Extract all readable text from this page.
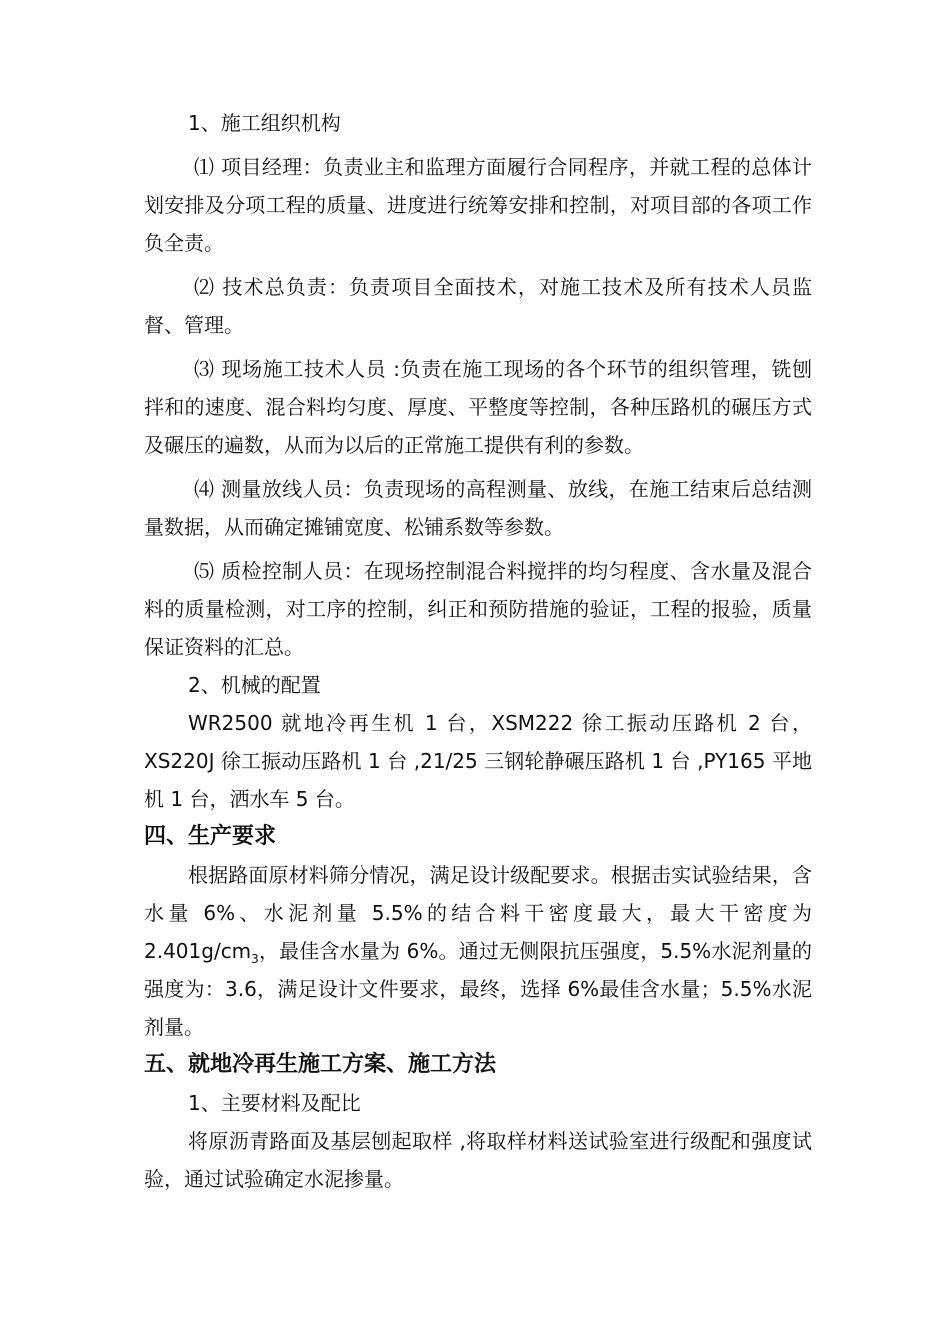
1、施工组织机构

⑴ 项目经理：负责业主和监理方面履行合同程序，并就工程的总体计划安排及分项工程的质量、进度进行统筹安排和控制，对项目部的各项工作负全责。

⑵ 技术总负责：负责项目全面技术，对施工技术及所有技术人员监督、管理。

⑶ 现场施工技术人员 :负责在施工现场的各个环节的组织管理，铣刨拌和的速度、混合料均匀度、厚度、平整度等控制，各种压路机的碾压方式及碾压的遍数，从而为以后的正常施工提供有利的参数。

⑷ 测量放线人员：负责现场的高程测量、放线，在施工结束后总结测量数据，从而确定摊铺宽度、松铺系数等参数。

⑸ 质检控制人员：在现场控制混合料搅拌的均匀程度、含水量及混合料的质量检测，对工序的控制，纠正和预防措施的验证，工程的报验，质量保证资料的汇总。

2、机械的配置

WR2500 就地冷再生机 1 台，XSM222 徐工振动压路机 2 台，XS220J 徐工振动压路机 1 台 ,21/25 三钢轮静碾压路机 1 台 ,PY165 平地机 1 台，洒水车 5 台。

四、生产要求

根据路面原材料筛分情况，满足设计级配要求。根据击实试验结果，含水量 6%、水泥剂量 5.5%的结合料干密度最大，最大干密度为 $2.401g/cm_3$，最佳含水量为 6%。通过无侧限抗压强度，5.5%水泥剂量的强度为：3.6，满足设计文件要求，最终，选择 6%最佳含水量；5.5%水泥剂量。

五、就地冷再生施工方案、施工方法

1、主要材料及配比

将原沥青路面及基层刨起取样 ,将取样材料送试验室进行级配和强度试验，通过试验确定水泥掺量。
